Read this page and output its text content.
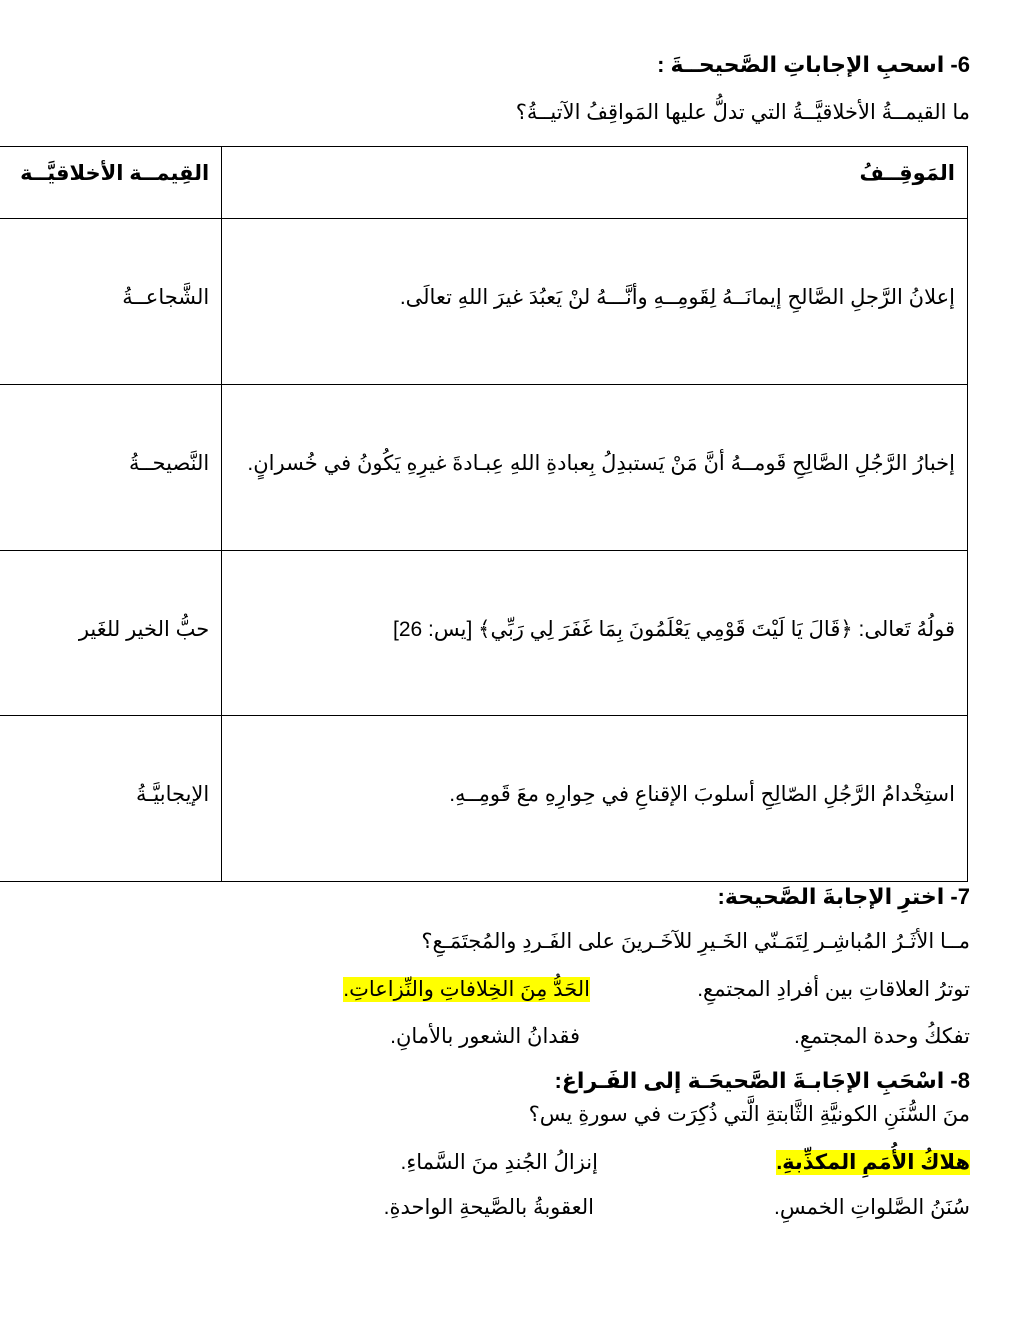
6- اسحبِ الإجاباتِ الصَّحيحــةَ :
ما القيمــةُ الأخلاقيَّــةُ التي تدلُّ عليها المَواقِفُ الآتيــةُ؟
المَوقِــفُ	القِيمــة الأخلاقيَّــة

إعلانُ الرَّجلِ الصَّالحِ إيمانَــهُ لِقَومِــهِ وأنَّـــهُ لنْ يَعبُدَ غيرَ اللهِ تعالَى.	الشَّجاعــةُ

إخبارُ الرَّجُلِ الصَّالِحِ قَومــهُ أنَّ مَنْ يَستبدِلُ بِعبادةِ اللهِ عِبـادةَ غيرِهِ يَكُونُ في خُسرانٍ.	النَّصيحــةُ

قولُهُ تَعالى: ﴿قَالَ يَا لَيْتَ قَوْمِي يَعْلَمُونَ بِمَا غَفَرَ لِي رَبِّي﴾ [يس: 26]	حبُّ الخير للغَير

استِخْدامُ الرَّجُلِ الصّالِحِ أسلوبَ الإقناعِ في حِوارِهِ معَ قَومِــهِ.	الإيجابيَّـةُ
7- اخترِ الإجابةَ الصَّحيحة:
مــا الأثَـرُ المُباشِـر لِتَمَـنّي الخَـيرِ للآخَـرينَ على الفَـردِ والمُجتَمَـعِ؟
توترُ العلاقاتِ بين أفرادِ المجتمعِ.
الحَدُّ مِنَ الخِلافاتِ والنِّزاعاتِ.
تفككُ وحدة المجتمعِ.
فقدانُ الشعور بالأمانِ.
8- اسْحَبِ الإجَابـةَ الصَّحيحَـة إلى الفَـراغ:
منَ السُّنَنِ الكونيَّةِ الثَّابتةِ الَّتي ذُكِرَت في سورةِ يس؟
هلاكُ الأُمَمِ المكذِّبةِ.
إنزالُ الجُندِ منَ السَّماءِ.
سُنَنُ الصَّلواتِ الخمسِ.
العقوبةُ بالصَّيحةِ الواحدةِ.
